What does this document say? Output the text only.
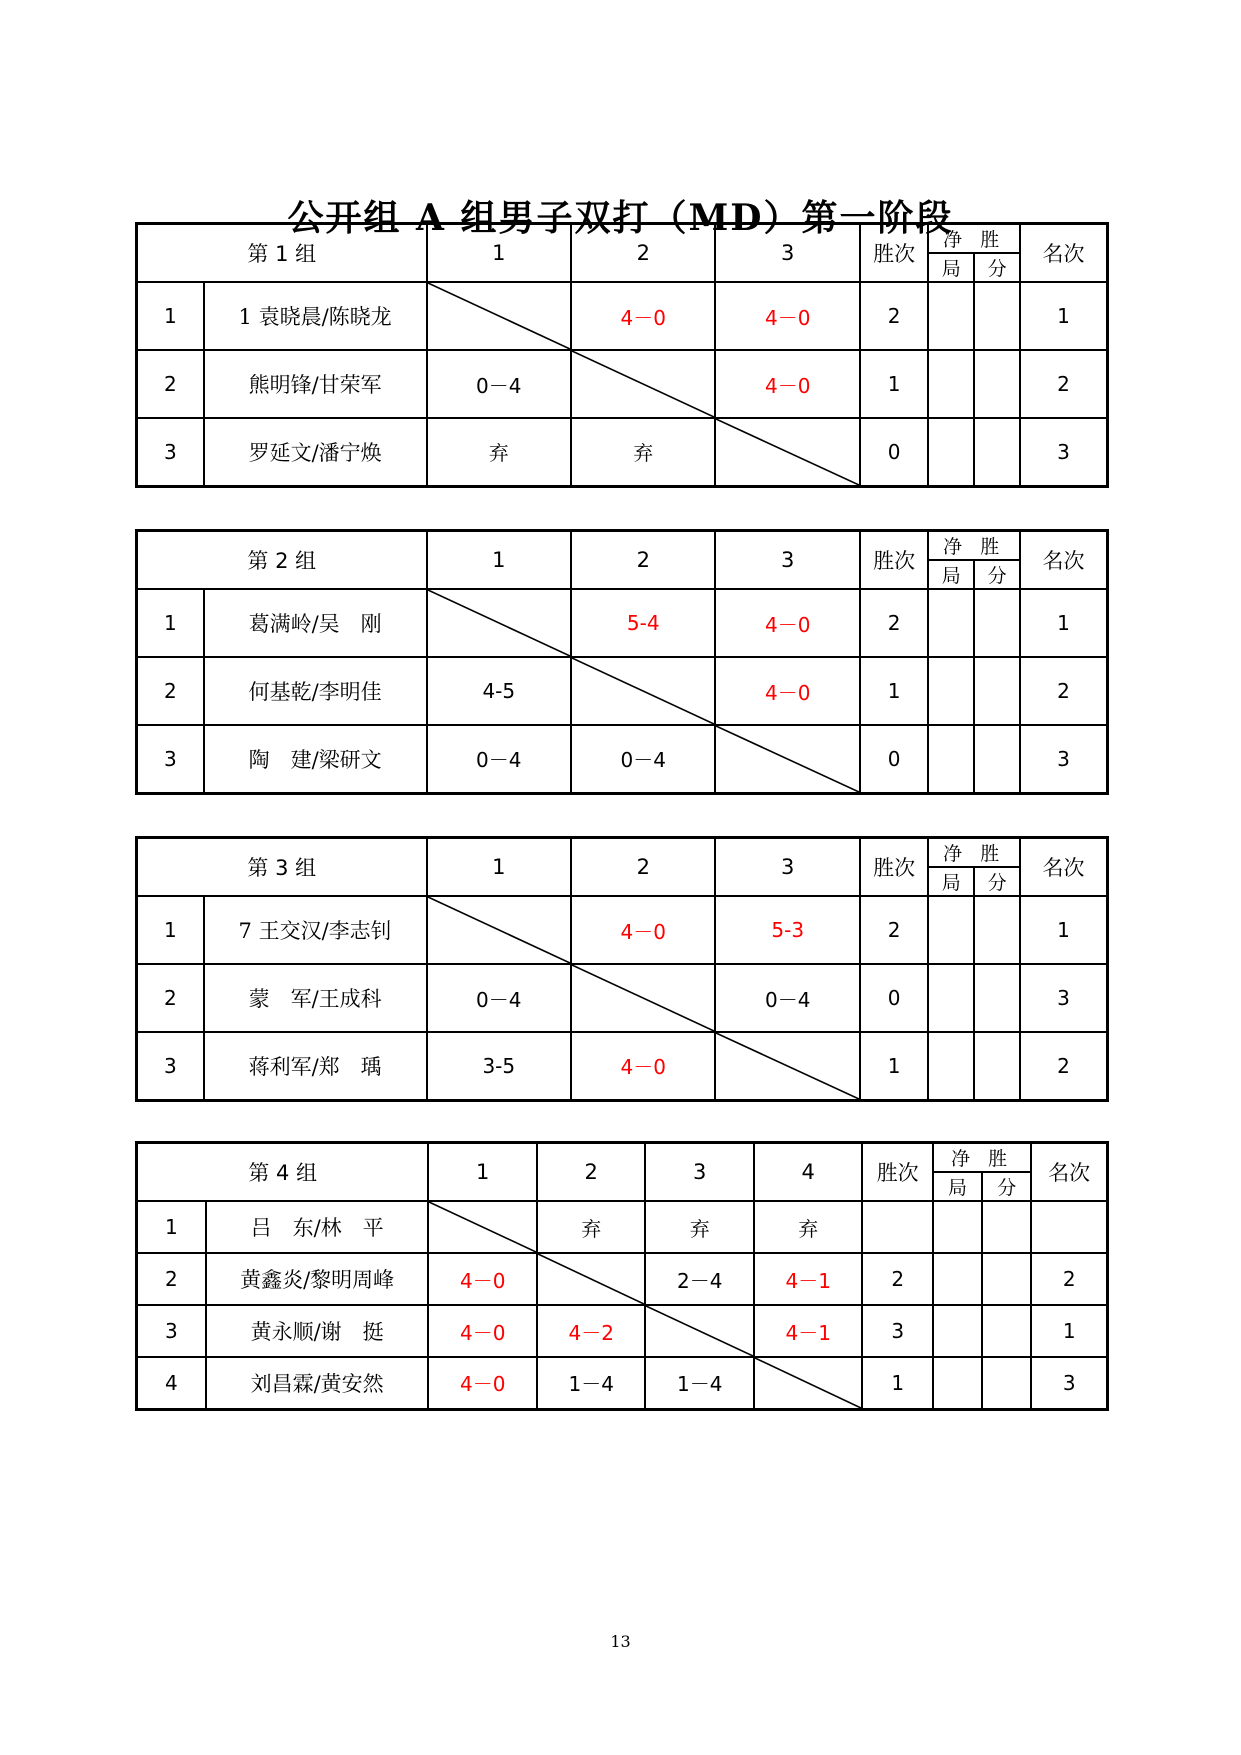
公开组 A 组男子双打（MD）第一阶段
第 1 组		1	2	3	胜次	净 胜
局 分		名次
1	1 袁晓晨/陈晓龙		4－0	4－0	2			1
2	熊明锋/甘荣军	0－4		4－0	1			2
3	罗延文/潘宁焕	弃	弃		0			3
第 2 组		1	2	3	胜次	净 胜
局 分		名次
1	葛满岭/吴　刚		5-4	4－0	2			1
2	何基乾/李明佳	4-5		4－0	1			2
3	陶　建/梁研文	0－4	0－4		0			3
第 3 组		1	2	3	胜次	净 胜
局 分		名次
1	7 王交汉/李志钊		4－0	5-3	2			1
2	蒙　军/王成科	0－4		0－4	0			3
3	蒋利军/郑　瑀	3-5	4－0		1			2
第 4 组		1	2	3	4	胜次	净 胜
局 分		名次
1	吕　东/林　平		弃	弃	弃				
2	黄鑫炎/黎明周峰	4－0		2－4	4－1	2			2
3	黄永顺/谢　挺	4－0	4－2		4－1	3			1
4	刘昌霖/黄安然	4－0	1－4	1－4		1			3
13
